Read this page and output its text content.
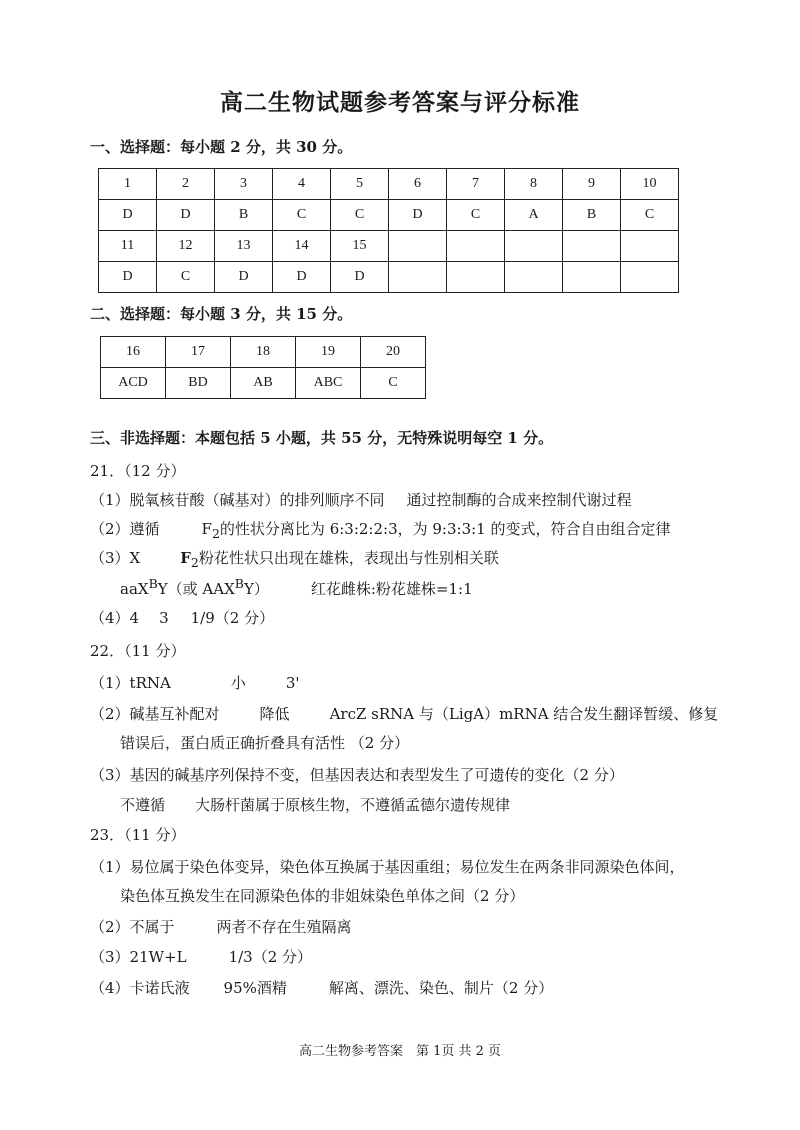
高二生物试题参考答案与评分标准
一、选择题：每小题 2 分，共 30 分。
1	2	3	4	5	6	7	8	9	10
D	D	B	C	C	D	C	A	B	C
11	12	13	14	15					
D	C	D	D	D					
二、选择题：每小题 3 分，共 15 分。
16	17	18	19	20
ACD	BD	AB	ABC	C
三、非选择题：本题包括 5 小题，共 55 分，无特殊说明每空 1 分。
21．（12 分）
（1）脱氧核苷酸（碱基对）的排列顺序不同 通过控制酶的合成来控制代谢过程
（2）遵循	$F_2$的性状分离比为 6:3:2:2:3，为 9:3:3:1 的变式，符合自由组合定律
（3）X	$F_2$粉花性状只出现在雄株，表现出与性别相关联
aaX$^B$Y（或 $AAX^BY$）	红花雌株:粉花雄株=1:1
（4）4 3 1/9（2 分）
22．（11 分）
（1）tRNA	小	3'
（2）碱基互补配对	降低	ArcZ sRNA 与（LigA）mRNA 结合发生翻译暂缓、修复
错误后，蛋白质正确折叠具有活性 （2 分）
（3）基因的碱基序列保持不变，但基因表达和表型发生了可遗传的变化（2 分）
不遵循 大肠杆菌属于原核生物，不遵循孟德尔遗传规律
23．（11 分）
（1）易位属于染色体变异，染色体互换属于基因重组；易位发生在两条非同源染色体间，
染色体互换发生在同源染色体的非姐妹染色单体之间（2 分）
（2）不属于	两者不存在生殖隔离
（3）21W+L	1/3（2 分）
（4）卡诺氏液 95%酒精	解离、漂洗、染色、制片（2 分）
高二生物参考答案　第 1页 共 2 页
